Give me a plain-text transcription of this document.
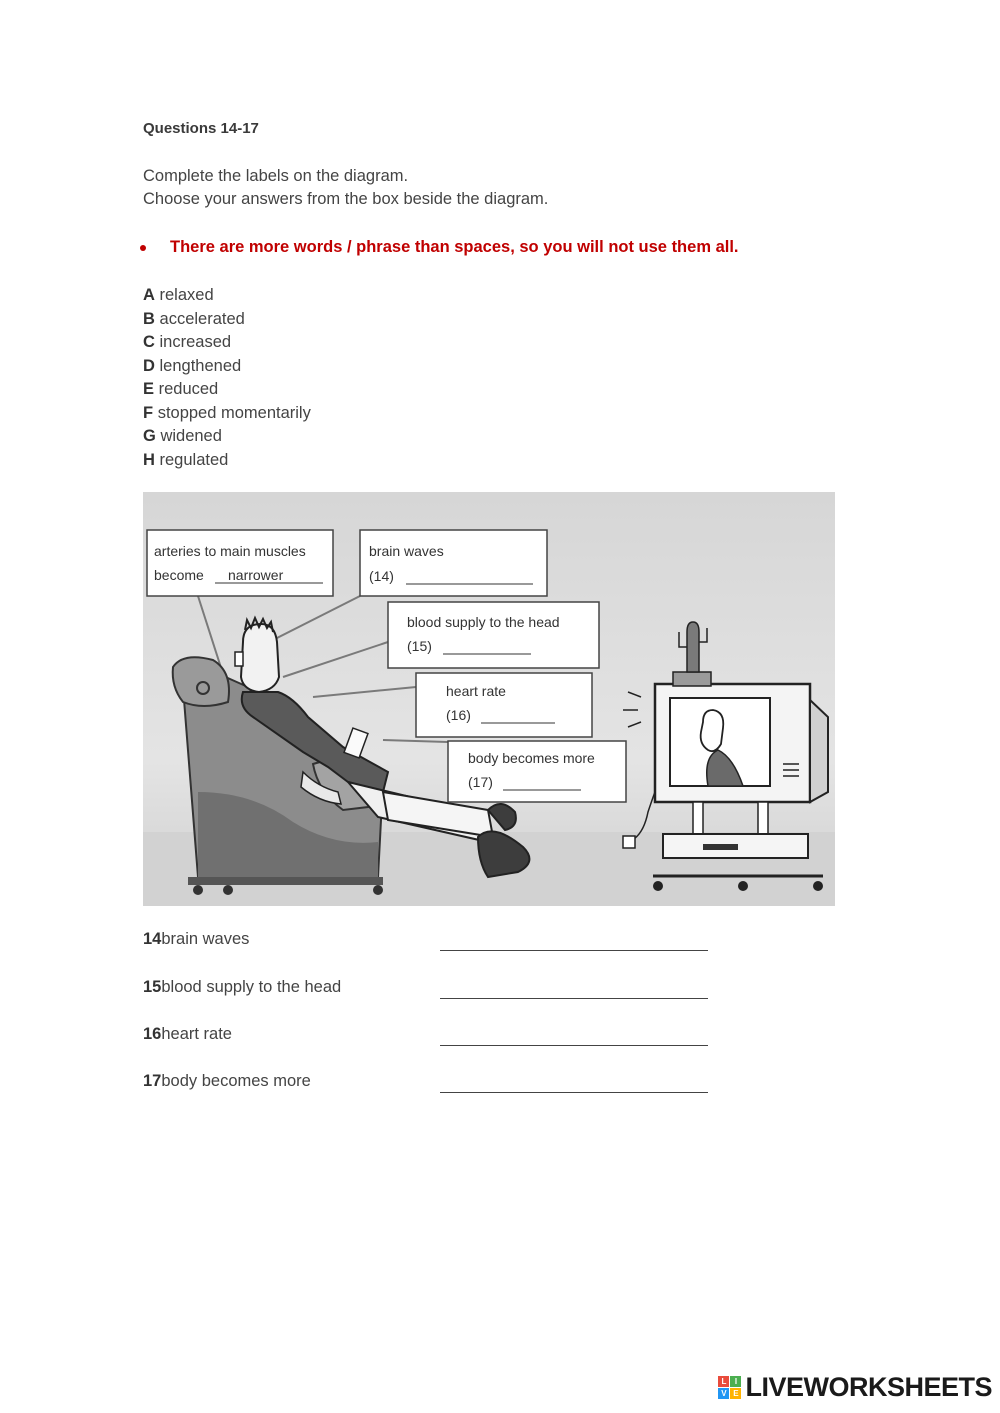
Questions 14-17
Complete the labels on the diagram.
Choose your answers from the box beside the diagram.
There are more words / phrase than spaces, so you will not use them all.
A relaxed
B accelerated
C increased
D lengthened
E reduced
F stopped momentarily
G widened
H regulated
arteries to main muscles
become narrower
brain waves
(14)
blood supply to the head
(15)
heart rate
(16)
body becomes more
(17)
14brain waves
15blood supply to the head
16heart rate
17body becomes more
L	I
V E LIVEWORKSHEETS
